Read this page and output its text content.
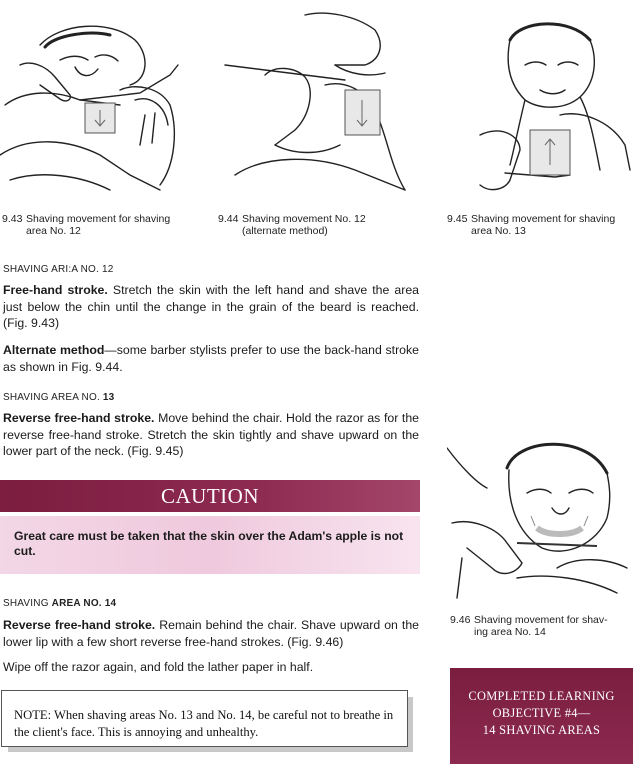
9.43 Shaving movement for shaving
area No. 12
9.44 Shaving movement No. 12
(alternate method)
9.45 Shaving movement for shaving
area No. 13
SHAVING ARI:A NO. 12
Free-hand stroke. Stretch the skin with the left hand and shave the area just below the chin until the change in the grain of the beard is reached. (Fig. 9.43)
Alternate method—some barber stylists prefer to use the back-hand stroke as shown in Fig. 9.44.
SHAVING AREA NO. 13
Reverse free-hand stroke. Move behind the chair. Hold the razor as for the reverse free-hand stroke. Stretch the skin tightly and shave upward on the lower part of the neck. (Fig. 9.45)
CAUTION
Great care must be taken that the skin over the Adam's apple is not cut.
9.46 Shaving movement for shav-
ing area No. 14
SHAVING AREA NO. 14
Reverse free-hand stroke. Remain behind the chair. Shave upward on the lower lip with a few short reverse free-hand strokes. (Fig. 9.46)
Wipe off the razor again, and fold the lather paper in half.
NOTE: When shaving areas No. 13 and No. 14, be careful not to breathe in the client's face. This is annoying and unhealthy.
COMPLETED LEARNING
OBJECTIVE #4—
14 SHAVING AREAS
